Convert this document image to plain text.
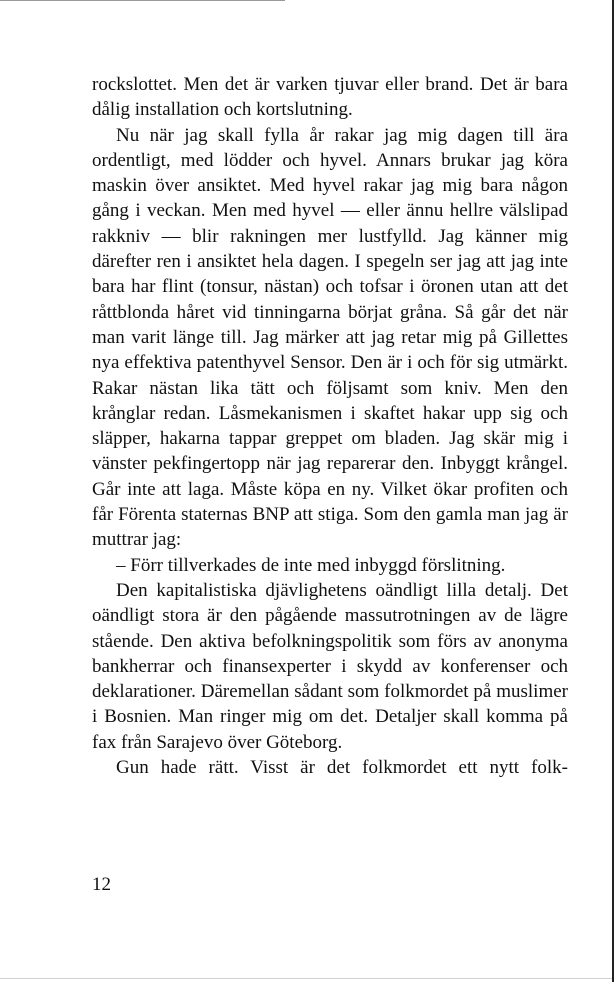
rockslottet. Men det är varken tjuvar eller brand. Det är bara dålig installation och kortslutning.

Nu när jag skall fylla år rakar jag mig dagen till ära ordentligt, med lödder och hyvel. Annars brukar jag köra maskin över ansiktet. Med hyvel rakar jag mig bara någon gång i veckan. Men med hyvel — eller ännu hellre välslipad rakkniv — blir rakningen mer lustfylld. Jag känner mig därefter ren i ansiktet hela dagen. I spegeln ser jag att jag inte bara har flint (tonsur, nästan) och tofsar i öronen utan att det råttblonda håret vid tinningarna börjat gråna. Så går det när man varit länge till. Jag märker att jag retar mig på Gillettes nya effektiva patenthyvel Sensor. Den är i och för sig utmärkt. Rakar nästan lika tätt och följsamt som kniv. Men den krånglar redan. Låsmekanismen i skaftet hakar upp sig och släpper, hakarna tappar greppet om bladen. Jag skär mig i vänster pekfingertopp när jag reparerar den. Inbyggt krångel. Går inte att laga. Måste köpa en ny. Vilket ökar profiten och får Förenta staternas BNP att stiga. Som den gamla man jag är muttrar jag:

– Förr tillverkades de inte med inbyggd förslitning.

Den kapitalistiska djävlighetens oändligt lilla detalj. Det oändligt stora är den pågående massutrotningen av de lägre stående. Den aktiva befolkningspolitik som förs av anonyma bankherrar och finansexperter i skydd av konferenser och deklarationer. Däremellan sådant som folkmordet på muslimer i Bosnien. Man ringer mig om det. Detaljer skall komma på fax från Sarajevo över Göteborg.

Gun hade rätt. Visst är det folkmordet ett nytt folk-

12
